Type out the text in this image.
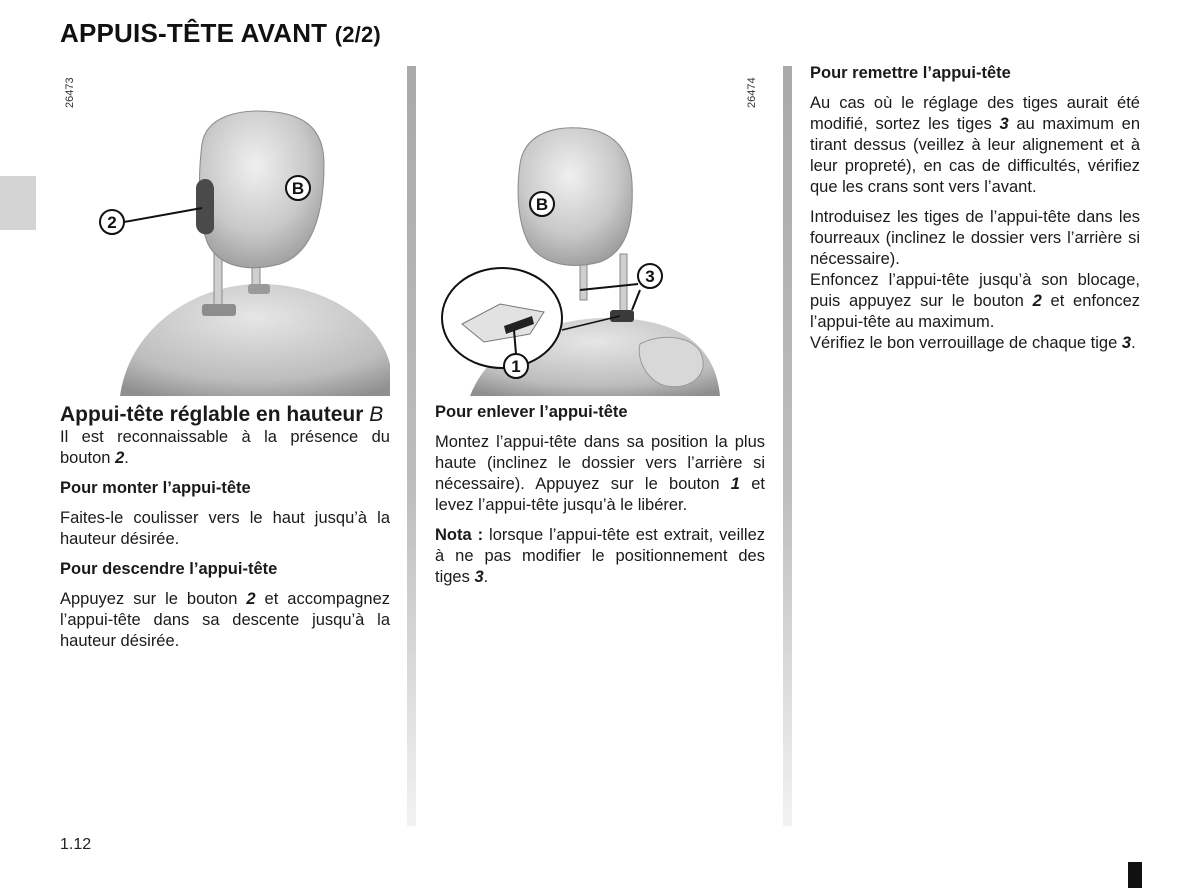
APPUIS-TÊTE AVANT (2/2)
26473
2
B
26474
1
B
3
Appui-tête réglable en hauteur B

Il est reconnaissable à la présence du bouton 2.

Pour monter l’appui-tête

Faites-le coulisser vers le haut jusqu’à la hauteur désirée.

Pour descendre l’appui-tête

Appuyez sur le bouton 2 et accompagnez l’appui-tête dans sa descente jusqu’à la hauteur désirée.

Pour enlever l’appui-tête

Montez l’appui-tête dans sa position la plus haute (inclinez le dossier vers l’arrière si nécessaire). Appuyez sur le bouton 1 et levez l’appui-tête jusqu’à le libérer.

Nota : lorsque l’appui-tête est extrait, veillez à ne pas modifier le positionnement des tiges 3.

Pour remettre l’appui-tête

Au cas où le réglage des tiges aurait été modifié, sortez les tiges 3 au maximum en tirant dessus (veillez à leur alignement et à leur propreté), en cas de difficultés, vérifiez que les crans sont vers l’avant.

Introduisez les tiges de l’appui-tête dans les fourreaux (inclinez le dossier vers l’arrière si nécessaire).

Enfoncez l’appui-tête jusqu’à son blocage, puis appuyez sur le bouton 2 et enfoncez l’appui-tête au maximum.

Vérifiez le bon verrouillage de chaque tige 3.

1.12
